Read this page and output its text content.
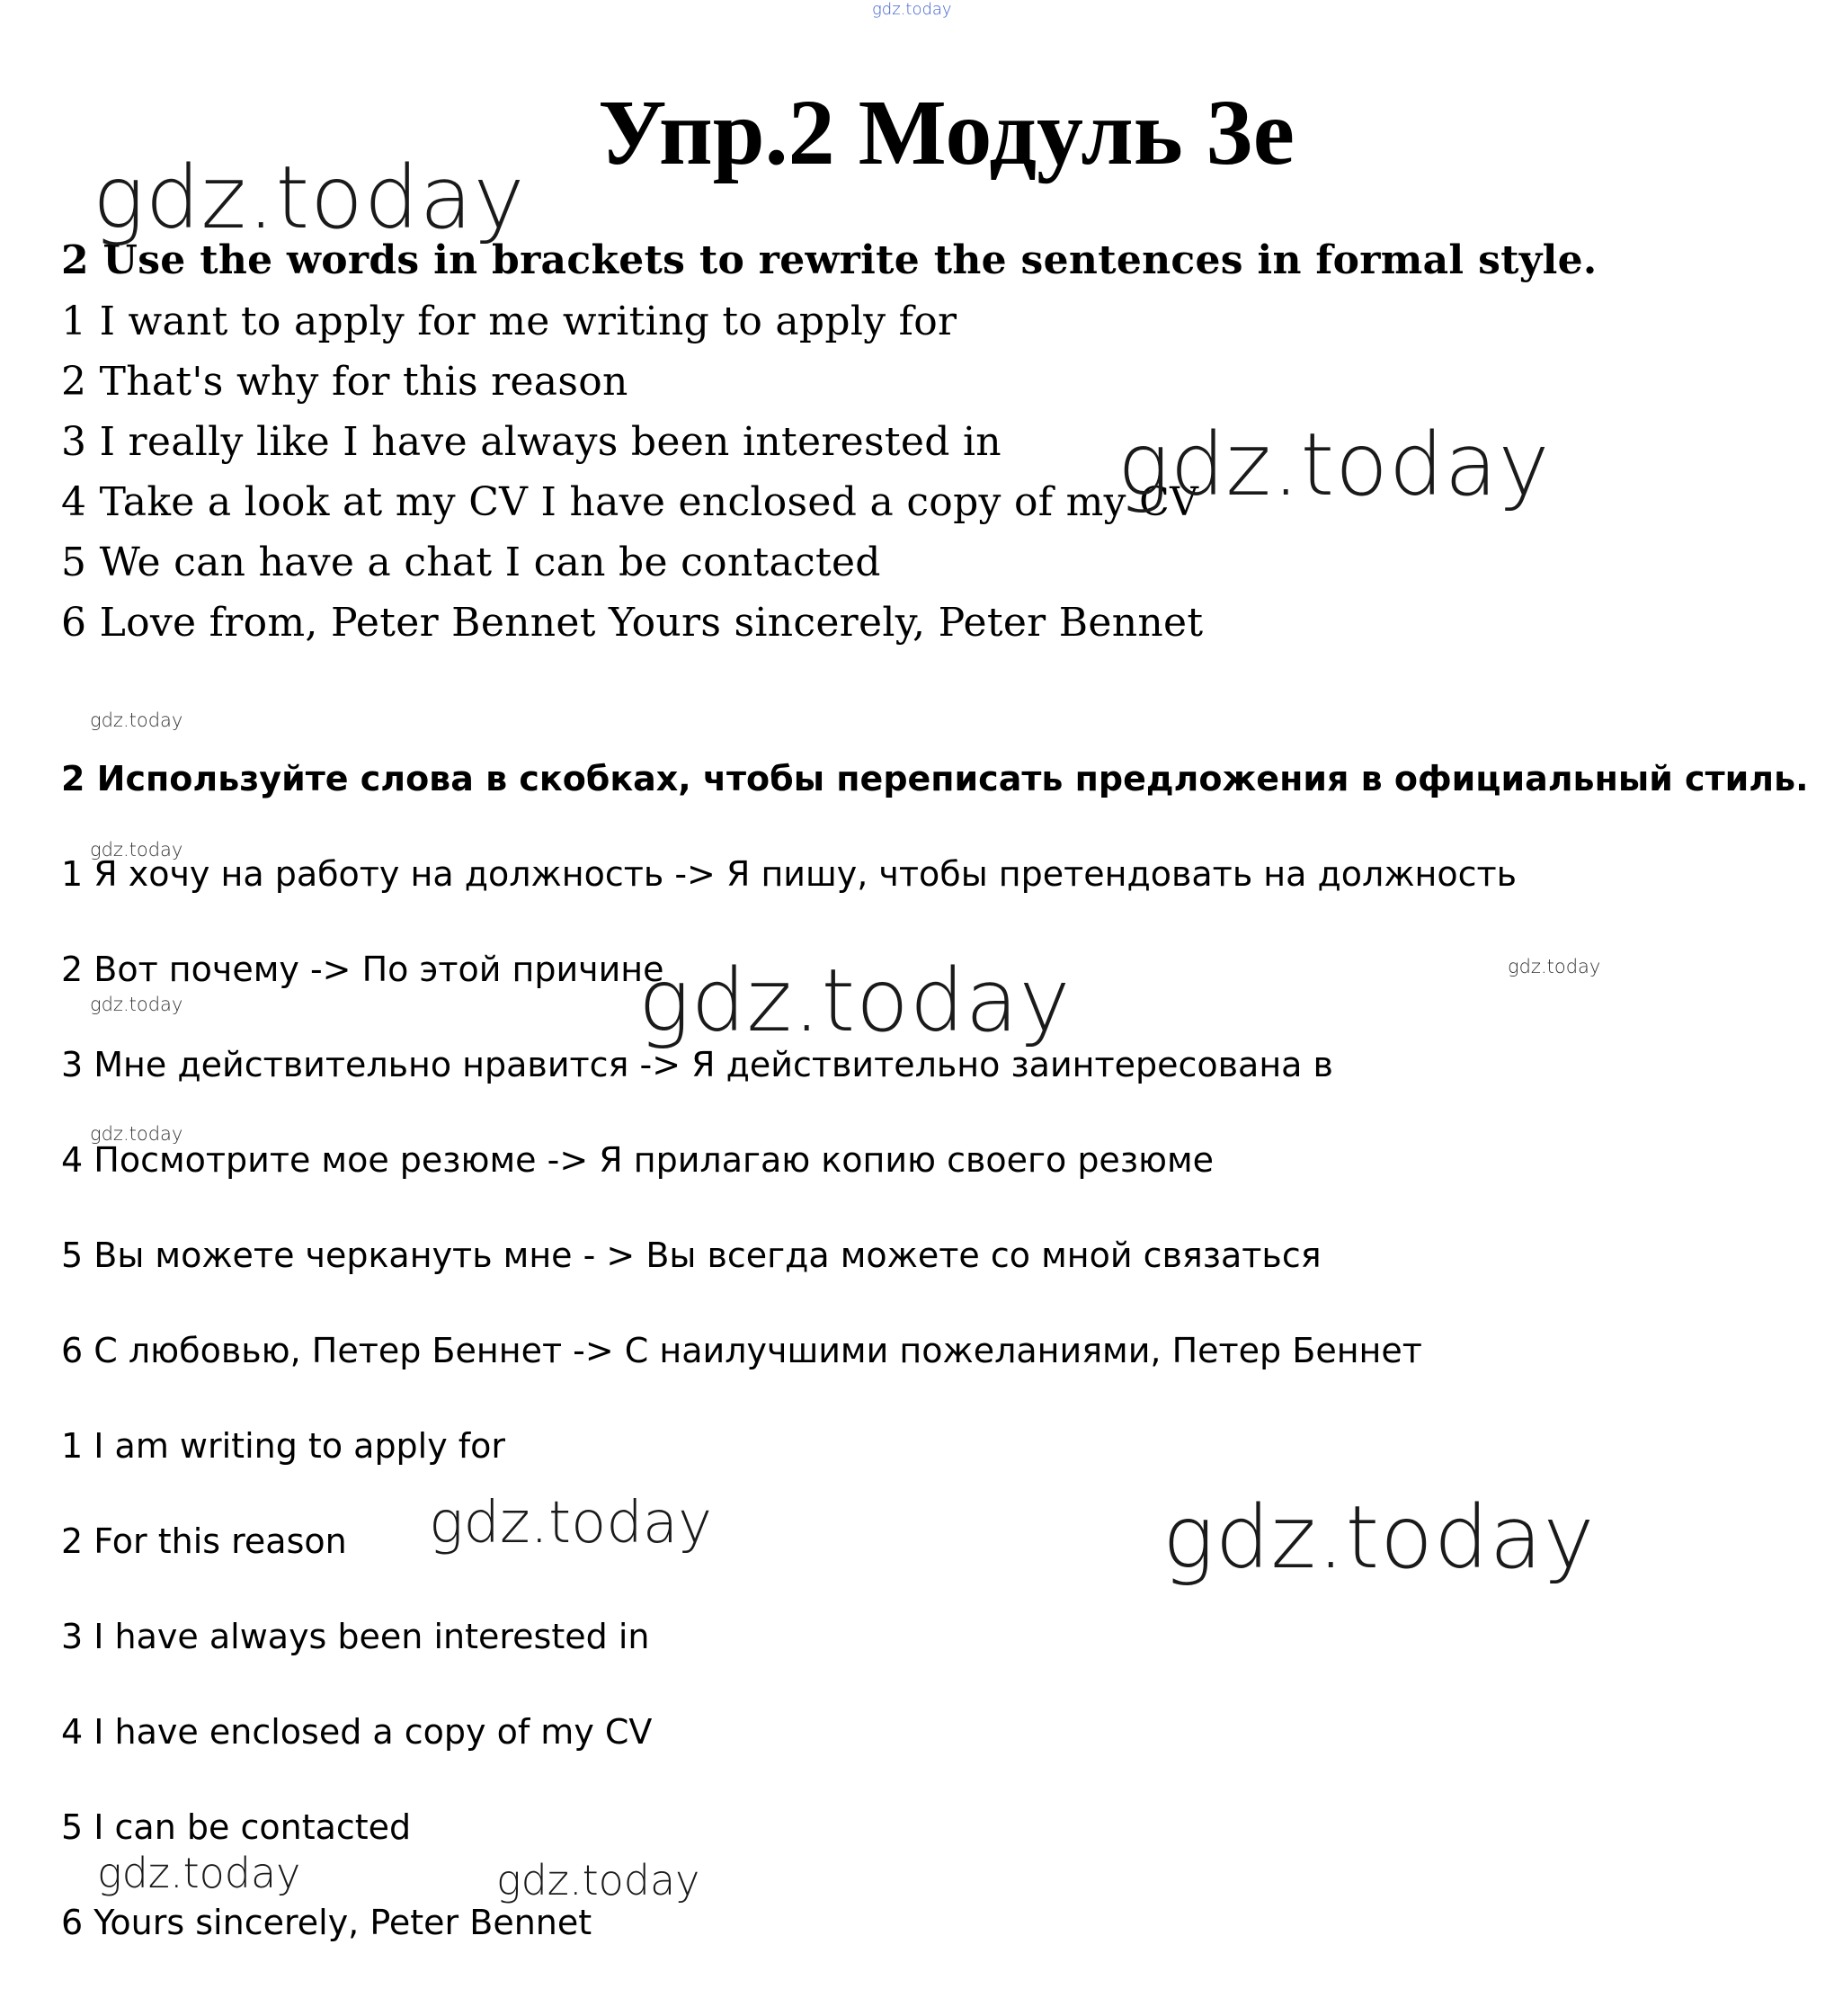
gdz.today
Упр.2 Модуль 3е
2 Use the words in brackets to rewrite the sentences in formal style.
1 I want to apply for me writing to apply for
2 That's why for this reason
3 I really like I have always been interested in
4 Take a look at my CV I have enclosed a copy of my CV
5 We can have a chat I can be contacted
6 Love from, Peter Bennet Yours sincerely, Peter Bennet
2 Используйте слова в скобках, чтобы переписать предложения в официальный стиль.
1 Я хочу на работу на должность -> Я пишу, чтобы претендовать на должность
2 Вот почему -> По этой причине
3 Мне действительно нравится -> Я действительно заинтересована в
4 Посмотрите мое резюме -> Я прилагаю копию своего резюме
5 Вы можете черкануть мне - > Вы всегда можете со мной связаться
6 С любовью, Петер Беннет -> С наилучшими пожеланиями, Петер Беннет
1 I am writing to apply for
2 For this reason
3 I have always been interested in
4 I have enclosed a copy of my CV
5 I can be contacted
6 Yours sincerely, Peter Bennet
gdz.today
gdz.today
gdz.today
gdz.today
gdz.today	gdz.today
gdz.today
gdz.today
gdz.today	gdz.today
gdz.today	gdz.today
